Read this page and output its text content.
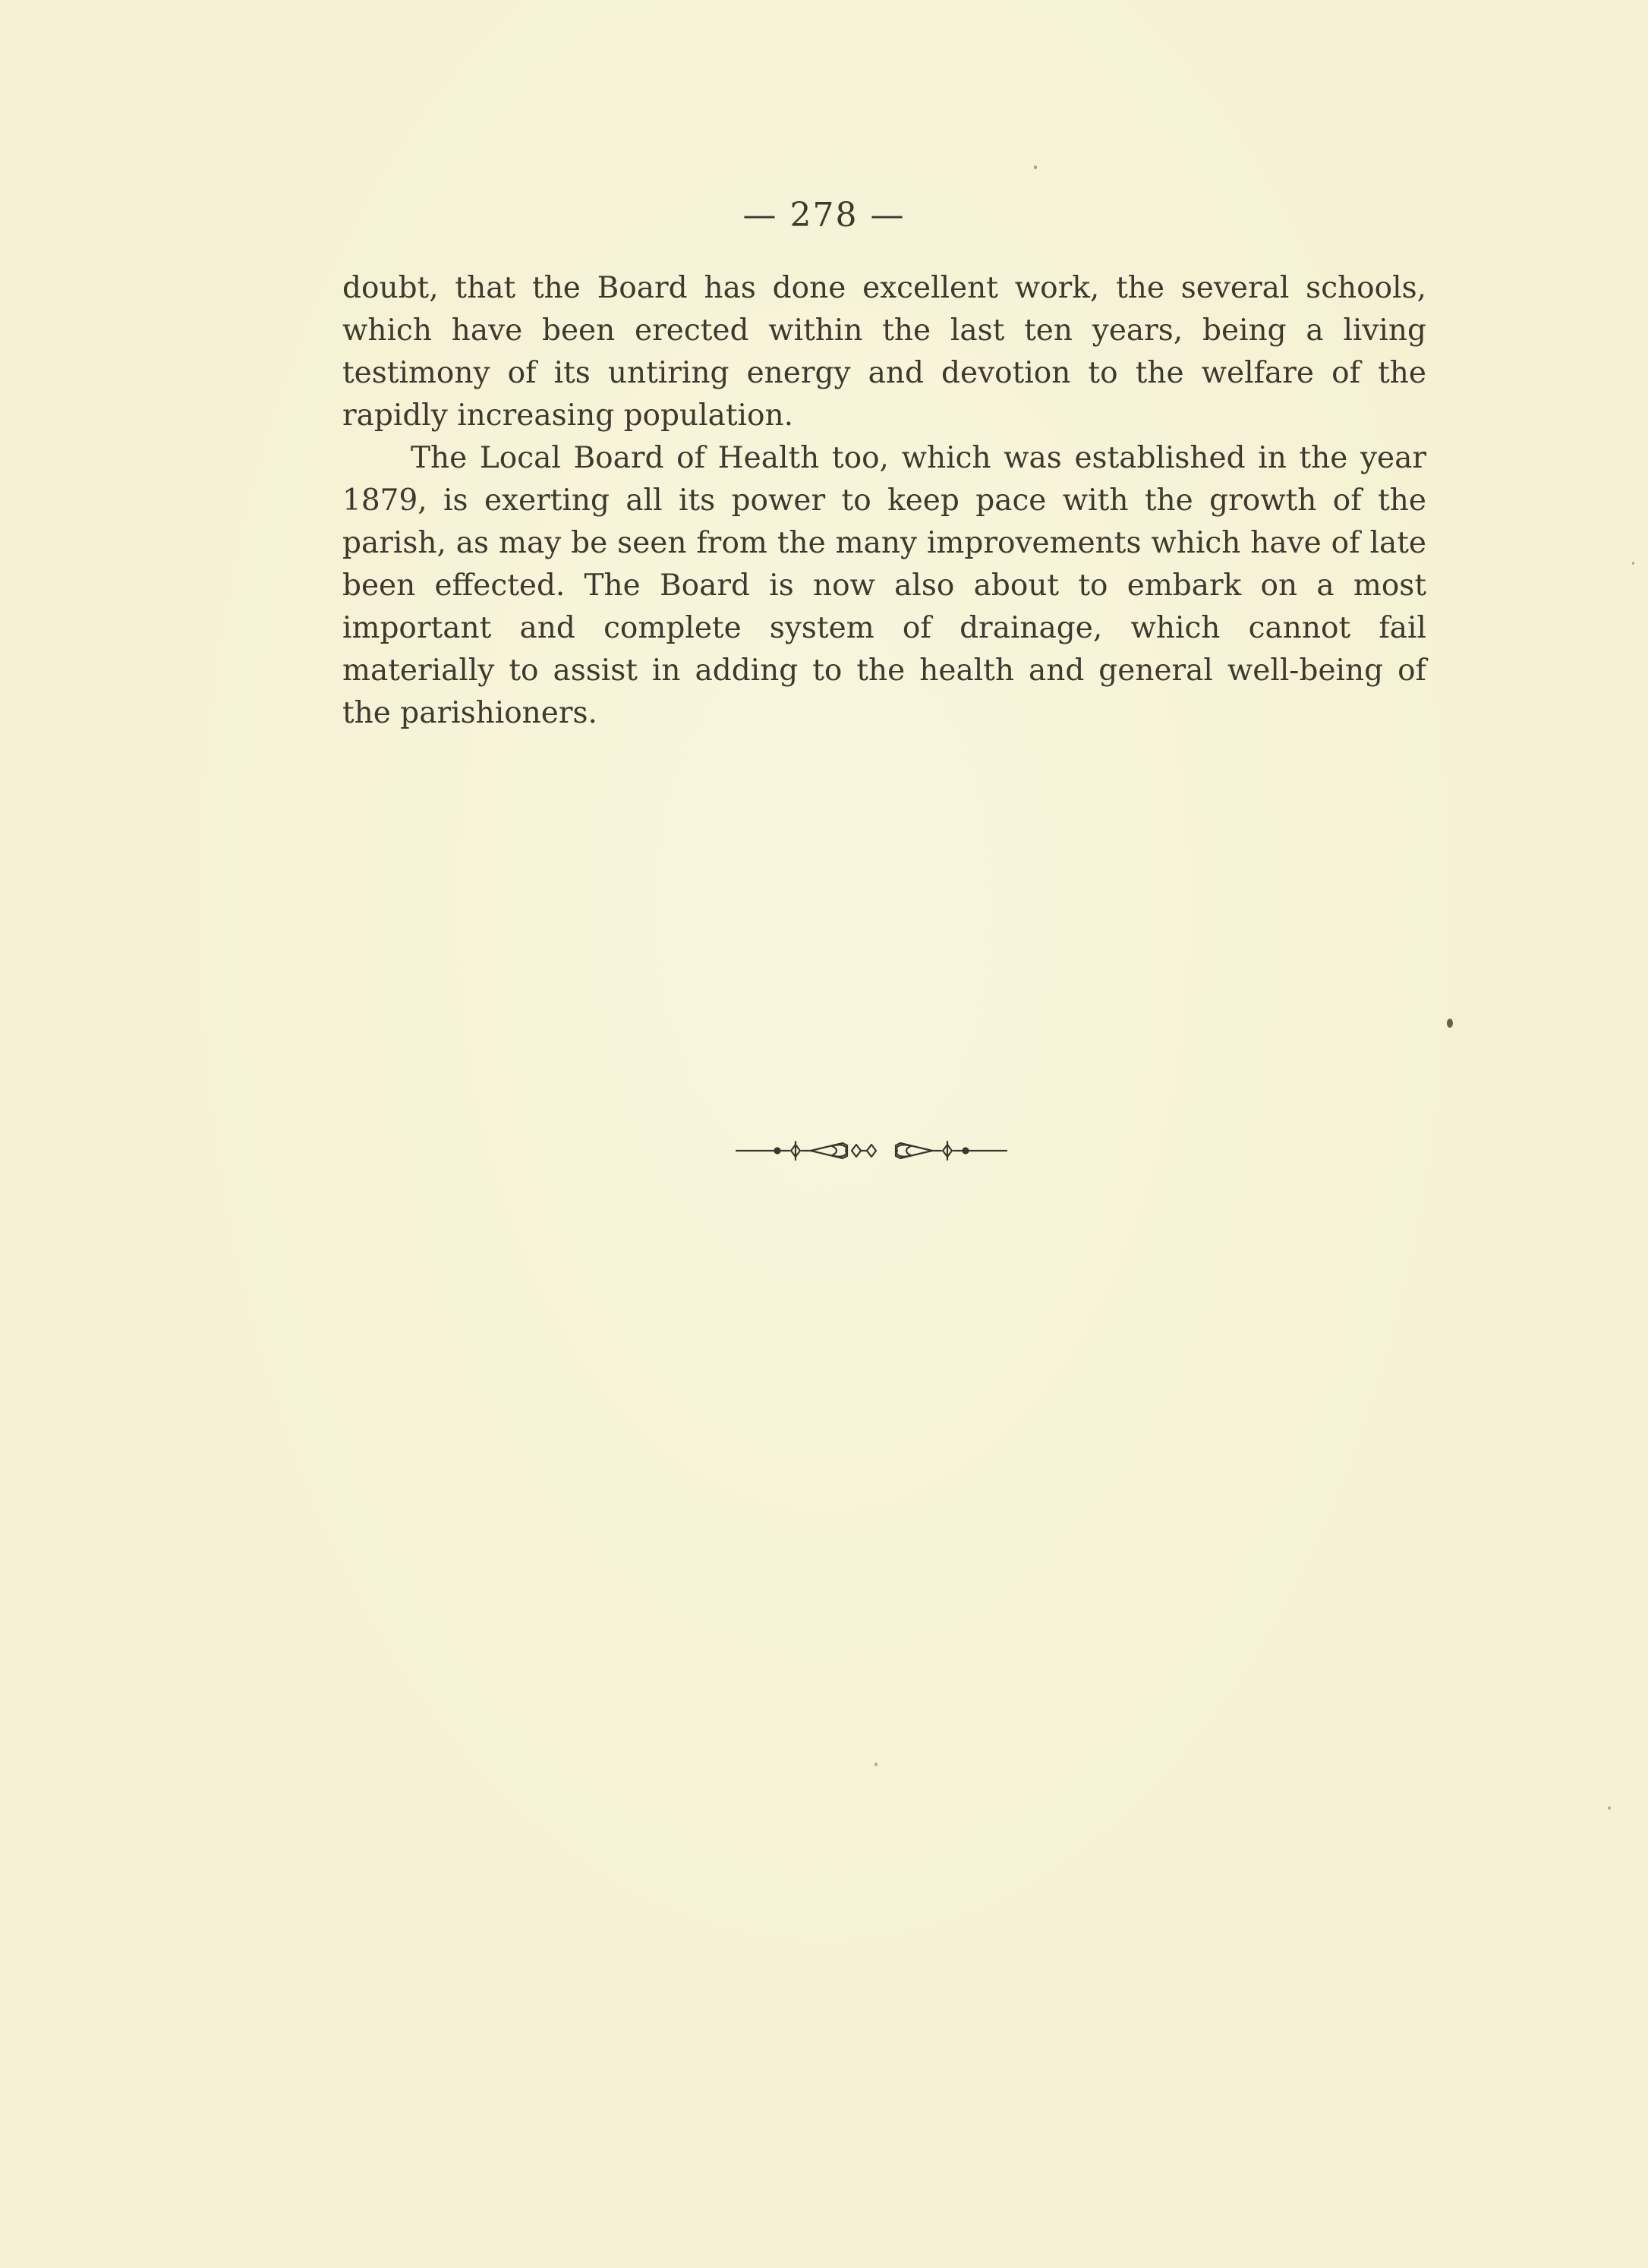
— 278 —

doubt, that the Board has done excellent work, the several schools, which have been erected within the last ten years, being a living testimony of its untiring energy and devotion to the welfare of the rapidly increasing population.

The Local Board of Health too, which was established in the year 1879, is exerting all its power to keep pace with the growth of the parish, as may be seen from the many improvements which have of late been effected. The Board is now also about to embark on a most important and complete system of drainage, which cannot fail materially to assist in adding to the health and general well-being of the parishioners.
